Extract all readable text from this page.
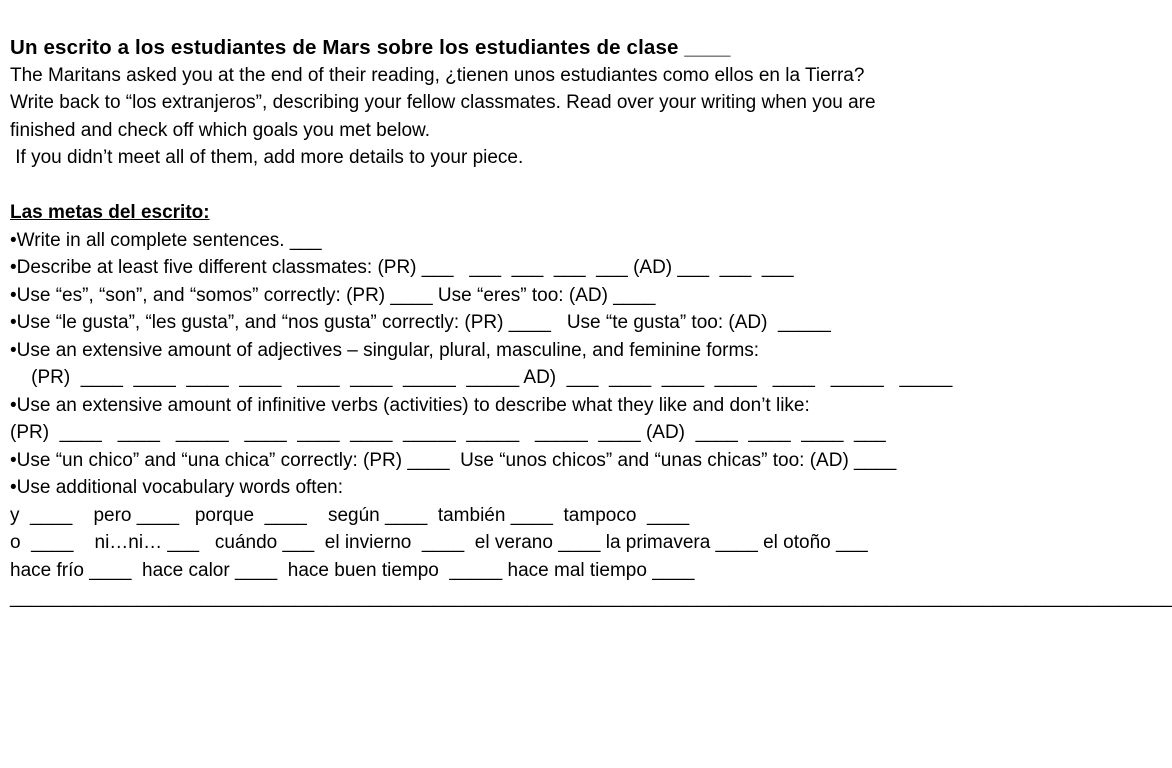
Un escrito a los estudiantes de Mars sobre los estudiantes de clase ____
The Maritans asked you at the end of their reading, ¿tienen unos estudiantes como ellos en la Tierra?
Write back to “los extranjeros”, describing your fellow classmates. Read over your writing when you are
finished and check off which goals you met below.
If you didn’t meet all of them, add more details to your piece.
Las metas del escrito:
•Write in all complete sentences. ___
•Describe at least five different classmates: (PR) ___   ___  ___  ___  ___ (AD) ___  ___  ___
•Use “es”, “son”, and “somos” correctly: (PR) ____ Use “eres” too: (AD) ____
•Use “le gusta”, “les gusta”, and “nos gusta” correctly: (PR) ____   Use “te gusta” too: (AD)  _____
•Use an extensive amount of adjectives – singular, plural, masculine, and feminine forms:
(PR)  ____  ____  ____  ____   ____  ____  _____  _____ AD)  ___  ____  ____  ____   ____   _____   _____
•Use an extensive amount of infinitive verbs (activities) to describe what they like and don’t like:
(PR)  ____   ____   _____   ____  ____  ____  _____  _____   _____  ____ (AD)  ____  ____  ____  ___
•Use “un chico” and “una chica” correctly: (PR) ____  Use “unos chicos” and “unas chicas” too: (AD) ____
•Use additional vocabulary words often:
y  ____    pero ____   porque  ____    según ____  también ____  tampoco  ____
o  ____    ni…ni… ___   cuándo ___  el invierno  ____  el verano ____ la primavera ____ el otoño ___
hace frío ____  hace calor ____  hace buen tiempo  _____ hace mal tiempo ____
______________________________________________________________________________________________________________
